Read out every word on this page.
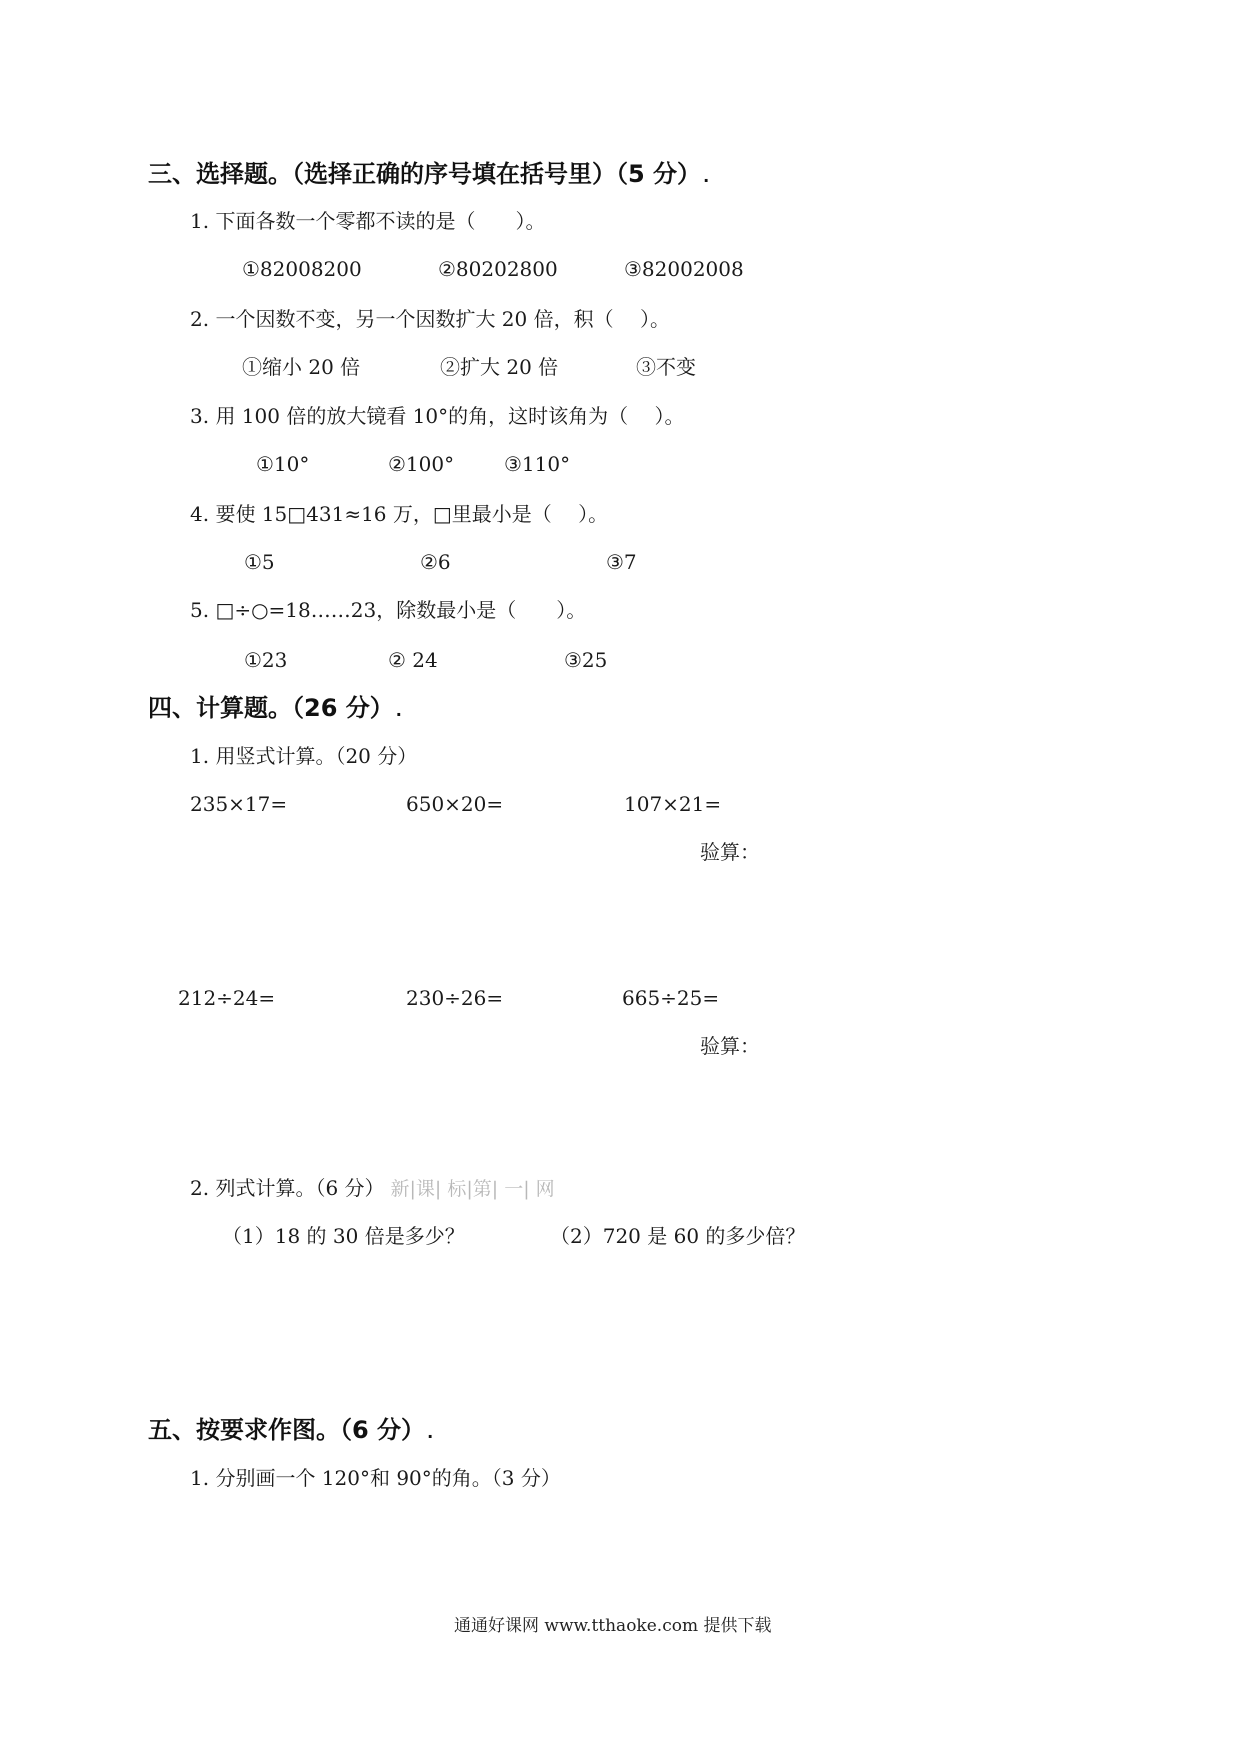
三、选择题。（选择正确的序号填在括号里）（5 分） .
1. 下面各数一个零都不读的是（　　）。
①82008200	②80202800	③82002008
2. 一个因数不变，另一个因数扩大 20 倍，积（　 ）。
①缩小 20 倍	②扩大 20 倍	③不变
3. 用 100 倍的放大镜看 10°的角，这时该角为（　 ）。
①10°	②100° ③110°
4. 要使 15□431≈16 万，□里最小是（　 ）。
①5	②6	③7
5. □÷○=18……23，除数最小是（　　）。
①23	② 24	③25
四、计算题。（26 分） .
1. 用竖式计算。（20 分）
235×17=	650×20=	107×21=
验算：
212÷24=	230÷26=	665÷25=
验算：
2. 列式计算。（6 分） 新|课| 标|第| 一| 网
（1）18 的 30 倍是多少？	（2）720 是 60 的多少倍？
五、按要求作图。（6 分） .
1. 分别画一个 120°和 90°的角。（3 分）
通通好课网 www.tthaoke.com 提供下载
